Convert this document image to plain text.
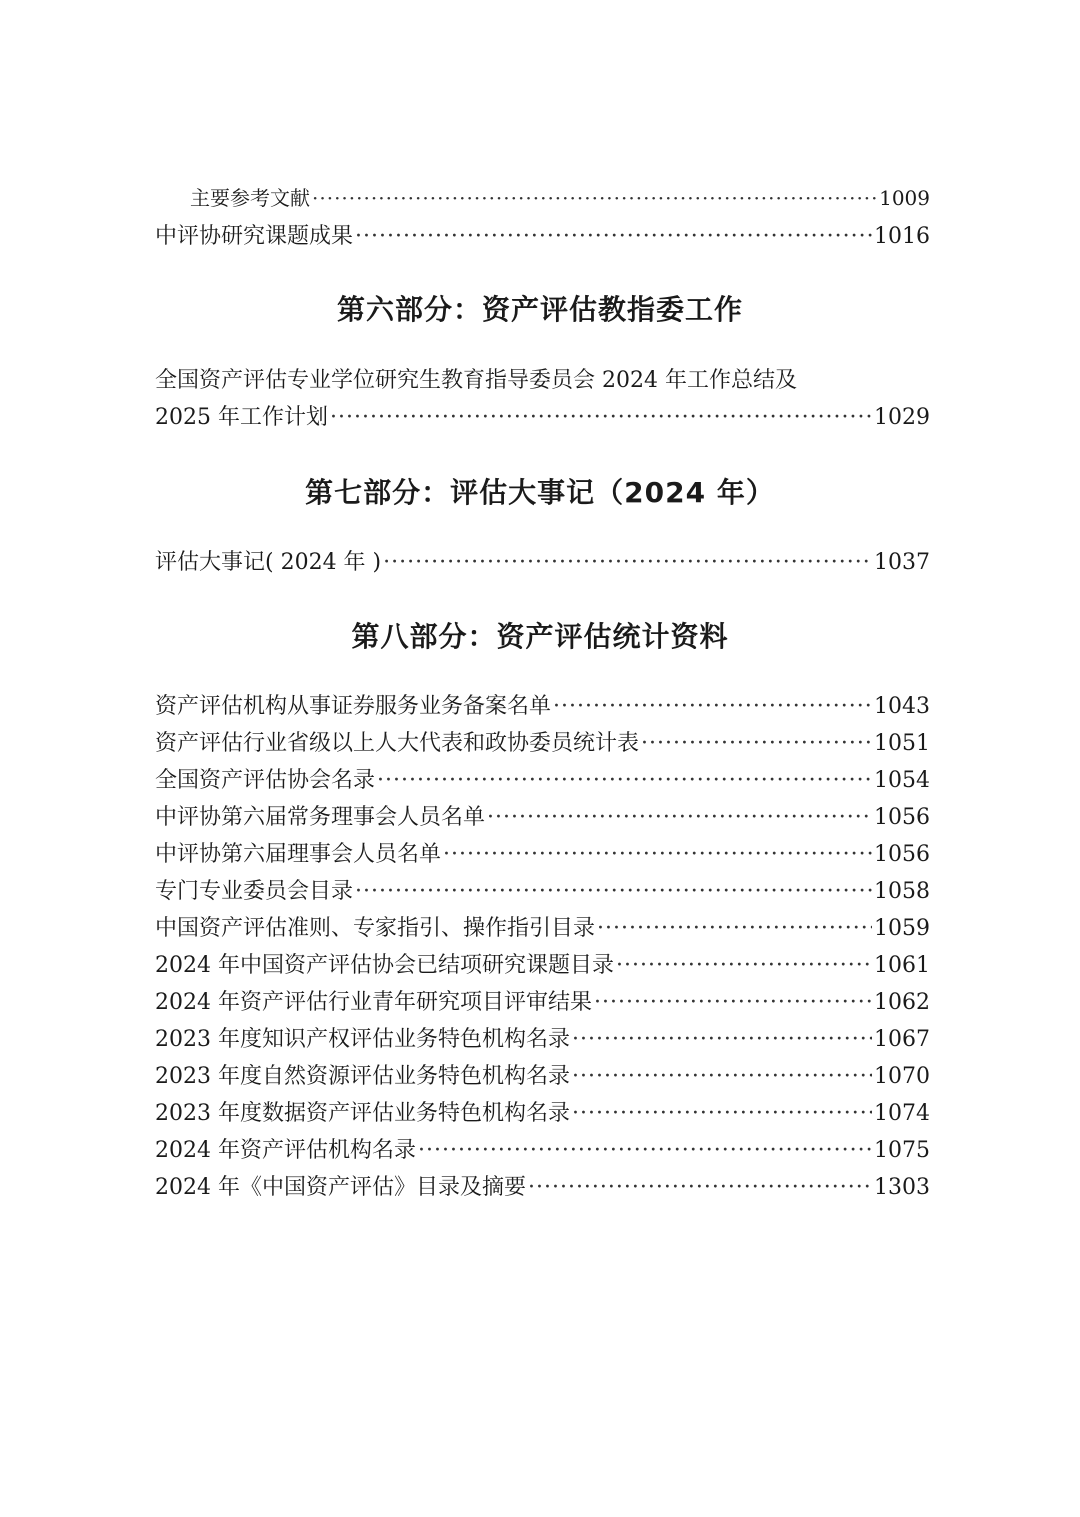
主要参考文献 ·····	1009
中评协研究课题成果 ·····	1016
第六部分：资产评估教指委工作
全国资产评估专业学位研究生教育指导委员会 2024 年工作总结及
2025 年工作计划 ·····	1029
第七部分：评估大事记（2024 年）
评估大事记( 2024 年 ) ·····	1037
第八部分：资产评估统计资料
资产评估机构从事证券服务业务备案名单 ·····	1043
资产评估行业省级以上人大代表和政协委员统计表 ·····	1051
全国资产评估协会名录 ·····	1054
中评协第六届常务理事会人员名单 ·····	1056
中评协第六届理事会人员名单 ·····	1056
专门专业委员会目录 ·····	1058
中国资产评估准则、专家指引、操作指引目录 ·····	1059
2024 年中国资产评估协会已结项研究课题目录 ·····	1061
2024 年资产评估行业青年研究项目评审结果 ·····	1062
2023 年度知识产权评估业务特色机构名录 ·····	1067
2023 年度自然资源评估业务特色机构名录 ·····	1070
2023 年度数据资产评估业务特色机构名录 ·····	1074
2024 年资产评估机构名录 ·····	1075
2024 年《中国资产评估》目录及摘要 ·····	1303
